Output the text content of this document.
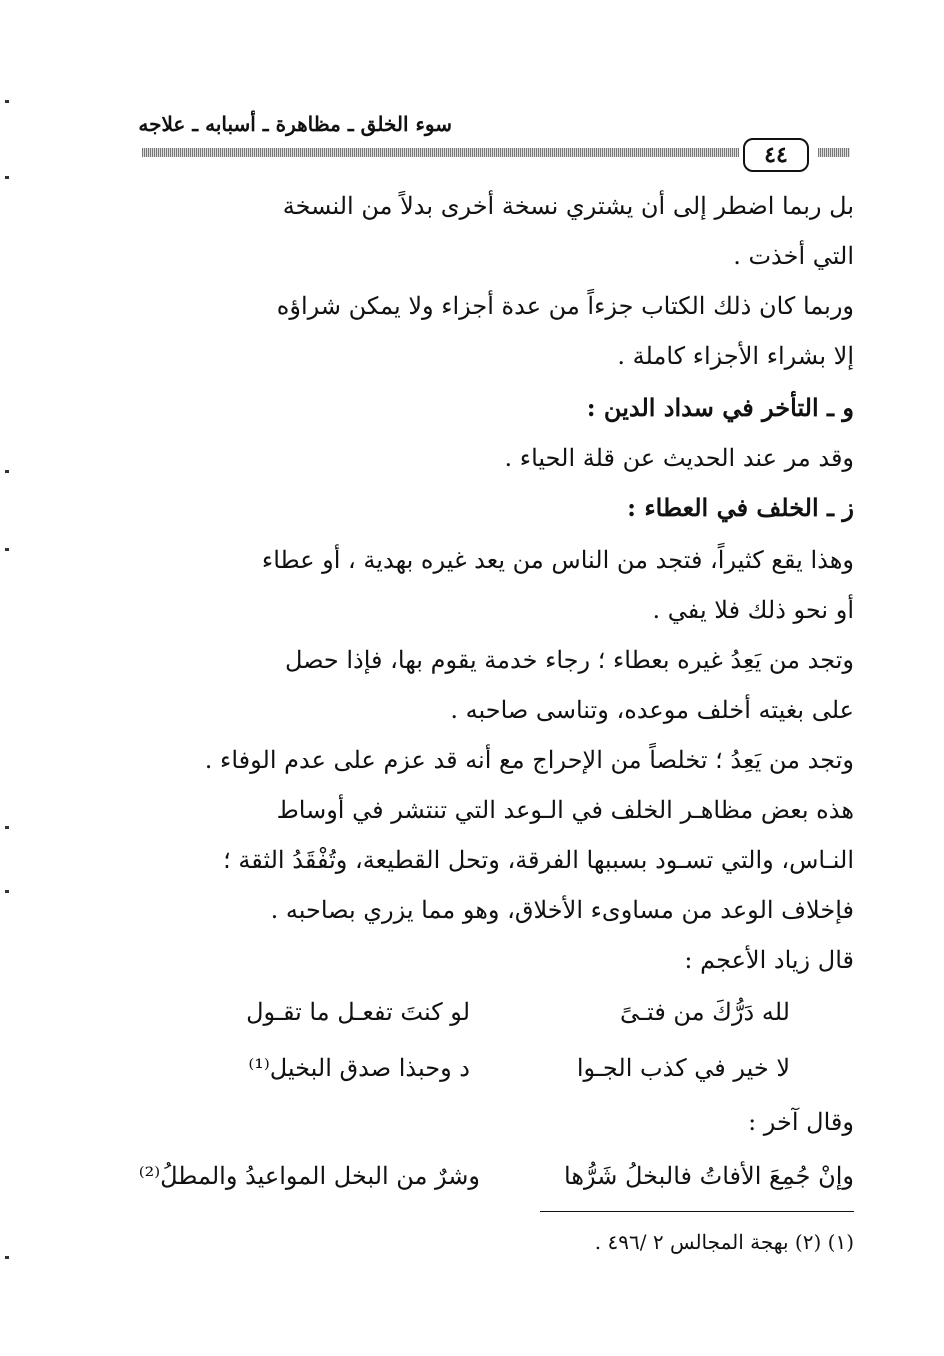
سوء الخلق ـ مظاهرة ـ أسبابه ـ علاجه
٤٤
بل ربما اضطر إلى أن يشتري نسخة أخرى بدلاً من النسخة
التي أخذت .
وربما كان ذلك الكتاب جزءاً من عدة أجزاء ولا يمكن شراؤه
إلا بشراء الأجزاء كاملة .
و ـ التأخر في سداد الدين :
وقد مر عند الحديث عن قلة الحياء .
ز ـ الخلف في العطاء :
وهذا يقع كثيراً، فتجد من الناس من يعد غيره بهدية ، أو عطاء
أو نحو ذلك فلا يفي .
وتجد من يَعِدُ غيره بعطاء ؛ رجاء خدمة يقوم بها، فإذا حصل
على بغيته أخلف موعده، وتناسى صاحبه .
وتجد من يَعِدُ ؛ تخلصاً من الإحراج مع أنه قد عزم على عدم الوفاء .
هذه بعض مظاهـر الخلف في الـوعد التي تنتشر في أوساط
النـاس، والتي تسـود بسببها الفرقة، وتحل القطيعة، وتُفْقَدُ الثقة ؛
فإخلاف الوعد من مساوىء الأخلاق، وهو مما يزري بصاحبه .
قال زياد الأعجم :
لله دَرُّكَ من فتـىً
لو كنتَ تفعـل ما تقـول
لا خير في كذب الجـوا
د وحبذا صدق البخيل⁽¹⁾
وقال آخر :
وإنْ جُمِعَ الأفاتُ فالبخلُ شَرُّها
وشرٌ من البخل المواعيدُ والمطلُ⁽²⁾
(١) (٢) بهجة المجالس ٢ /٤٩٦ .
